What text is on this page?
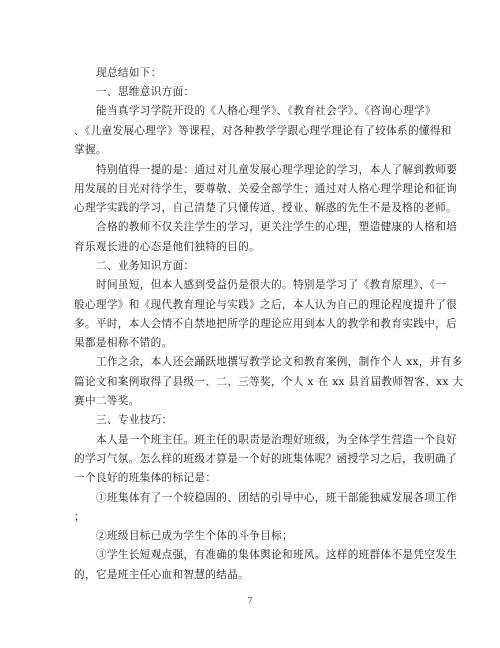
现总结如下：
一、思维意识方面：
能当真学习学院开设的《人格心理学》、《教育社会学》、《咨询心理学》
、《儿童发展心理学》等课程，对各种教学学跟心理学理论有了较体系的懂得和
掌握。
特别值得一提的是：通过对儿童发展心理学理论的学习，本人了解到教师要
用发展的目光对待学生，要尊敬、关爱全部学生；通过对人格心理学理论和征询
心理学实践的学习，自己清楚了只懂传道、授业、解惑的先生不是及格的老师。
合格的教师不仅关注学生的学习，更关注学生的心理，塑造健康的人格和培
育乐观长进的心态是他们独特的目的。
二、业务知识方面：
时间虽短，但本人感到受益仍是很大的。特别是学习了《教育原理》、《一
般心理学》和《现代教育理论与实践》之后，本人认为自己的理论程度提升了很
多。平时，本人会情不自禁地把所学的理论应用到本人的教学和教育实践中，后
果都是相称不错的。
工作之余，本人还会踊跃地撰写教学论文和教育案例，制作个人 xx，并有多
篇论文和案例取得了县级一、二、三等奖，个人 x 在 xx 县首届教师智客、xx 大
赛中二等奖。
三、专业技巧：
本人是一个班主任。班主任的职责是治理好班级，为全体学生营造一个良好
的学习气氛。怎么样的班级才算是一个好的班集体呢？函授学习之后，我明确了
一个良好的班集体的标记是：
①班集体有了一个较稳固的、团结的引导中心，班干部能独威发展各项工作
；
②班级目标已成为学生个体的斗争目标；
③学生长短观点强，有准确的集体舆论和班风。这样的班群体不是凭空发生
的，它是班主任心血和智慧的结晶。
7
